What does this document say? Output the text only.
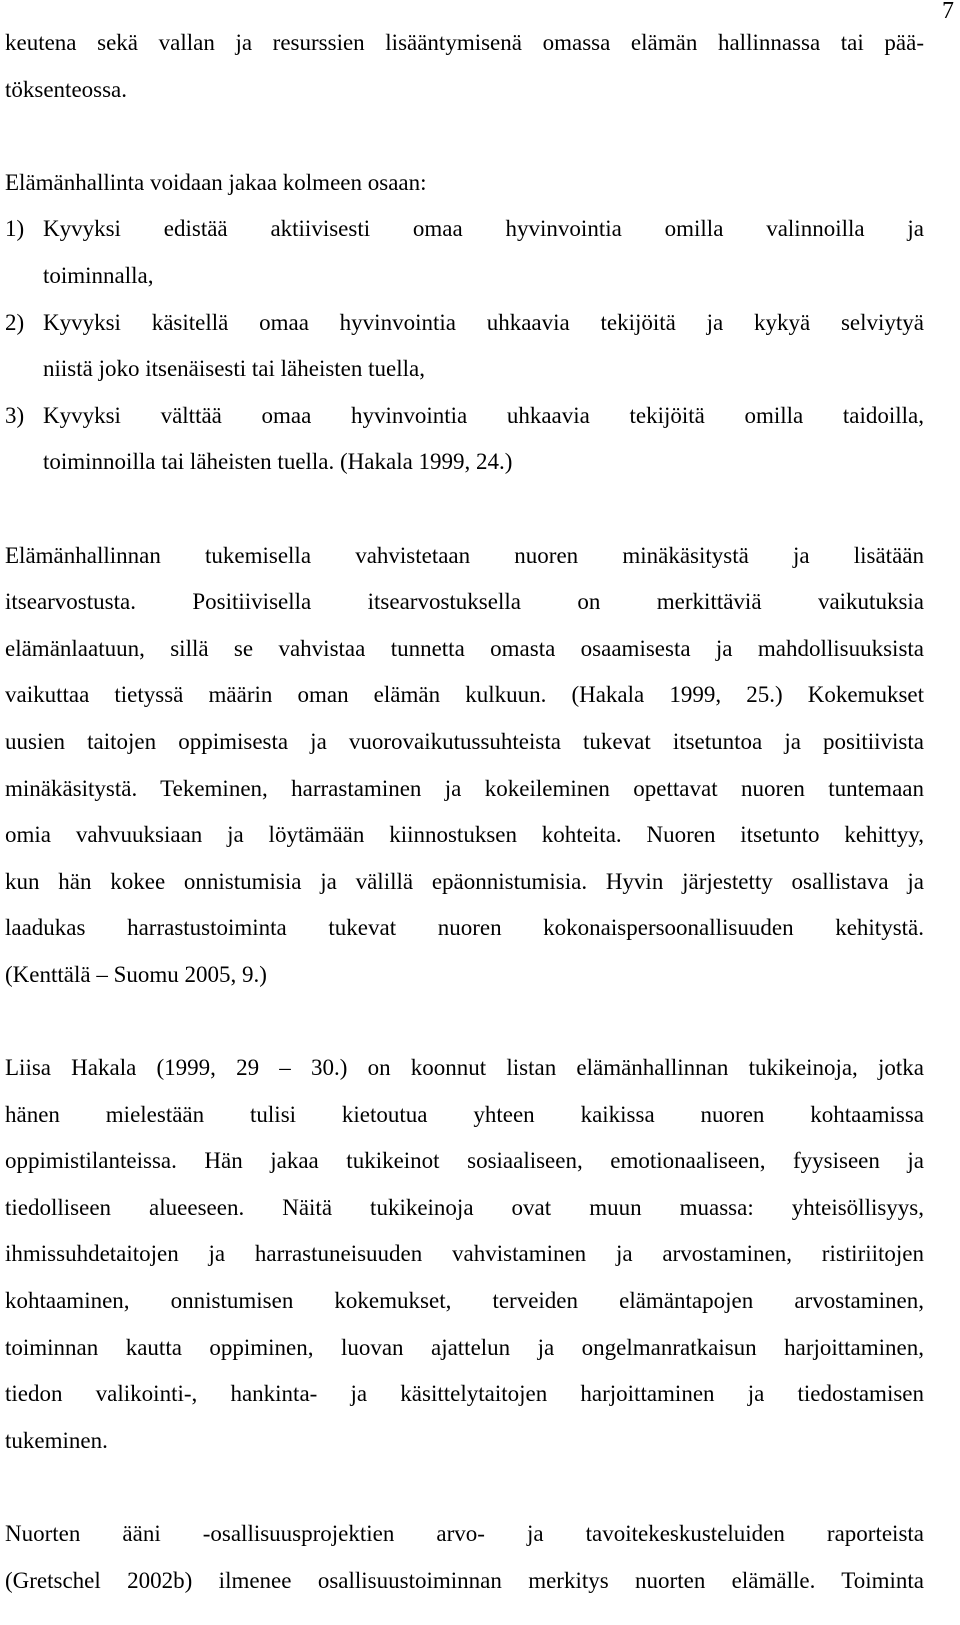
7

keutena sekä vallan ja resurssien lisääntymisenä omassa elämän hallinnassa tai pää-
töksenteossa.

Elämänhallinta voidaan jakaa kolmeen osaan:

1) Kyvyksi edistää aktiivisesti omaa hyvinvointia omilla valinnoilla ja
toiminnalla,
2) Kyvyksi käsitellä omaa hyvinvointia uhkaavia tekijöitä ja kykyä selviytyä
niistä joko itsenäisesti tai läheisten tuella,
3) Kyvyksi välttää omaa hyvinvointia uhkaavia tekijöitä omilla taidoilla,
toiminnoilla tai läheisten tuella. (Hakala 1999, 24.)

Elämänhallinnan tukemisella vahvistetaan nuoren minäkäsitystä ja lisätään
itsearvostusta. Positiivisella itsearvostuksella on merkittäviä vaikutuksia
elämänlaatuun, sillä se vahvistaa tunnetta omasta osaamisesta ja mahdollisuuksista
vaikuttaa tietyssä määrin oman elämän kulkuun. (Hakala 1999, 25.) Kokemukset
uusien taitojen oppimisesta ja vuorovaikutussuhteista tukevat itsetuntoa ja positiivista
minäkäsitystä. Tekeminen, harrastaminen ja kokeileminen opettavat nuoren tuntemaan
omia vahvuuksiaan ja löytämään kiinnostuksen kohteita. Nuoren itsetunto kehittyy,
kun hän kokee onnistumisia ja välillä epäonnistumisia. Hyvin järjestetty osallistava ja
laadukas harrastustoiminta tukevat nuoren kokonaispersoonallisuuden kehitystä.
(Kenttälä – Suomu 2005, 9.)

Liisa Hakala (1999, 29 – 30.) on koonnut listan elämänhallinnan tukikeinoja, jotka
hänen mielestään tulisi kietoutua yhteen kaikissa nuoren kohtaamissa
oppimistilanteissa. Hän jakaa tukikeinot sosiaaliseen, emotionaaliseen, fyysiseen ja
tiedolliseen alueeseen. Näitä tukikeinoja ovat muun muassa: yhteisöllisyys,
ihmissuhdetaitojen ja harrastuneisuuden vahvistaminen ja arvostaminen, ristiriitojen
kohtaaminen, onnistumisen kokemukset, terveiden elämäntapojen arvostaminen,
toiminnan kautta oppiminen, luovan ajattelun ja ongelmanratkaisun harjoittaminen,
tiedon valikointi-, hankinta- ja käsittelytaitojen harjoittaminen ja tiedostamisen
tukeminen.

Nuorten ääni -osallisuusprojektien arvo- ja tavoitekeskusteluiden raporteista
(Gretschel 2002b) ilmenee osallisuustoiminnan merkitys nuorten elämälle. Toiminta
